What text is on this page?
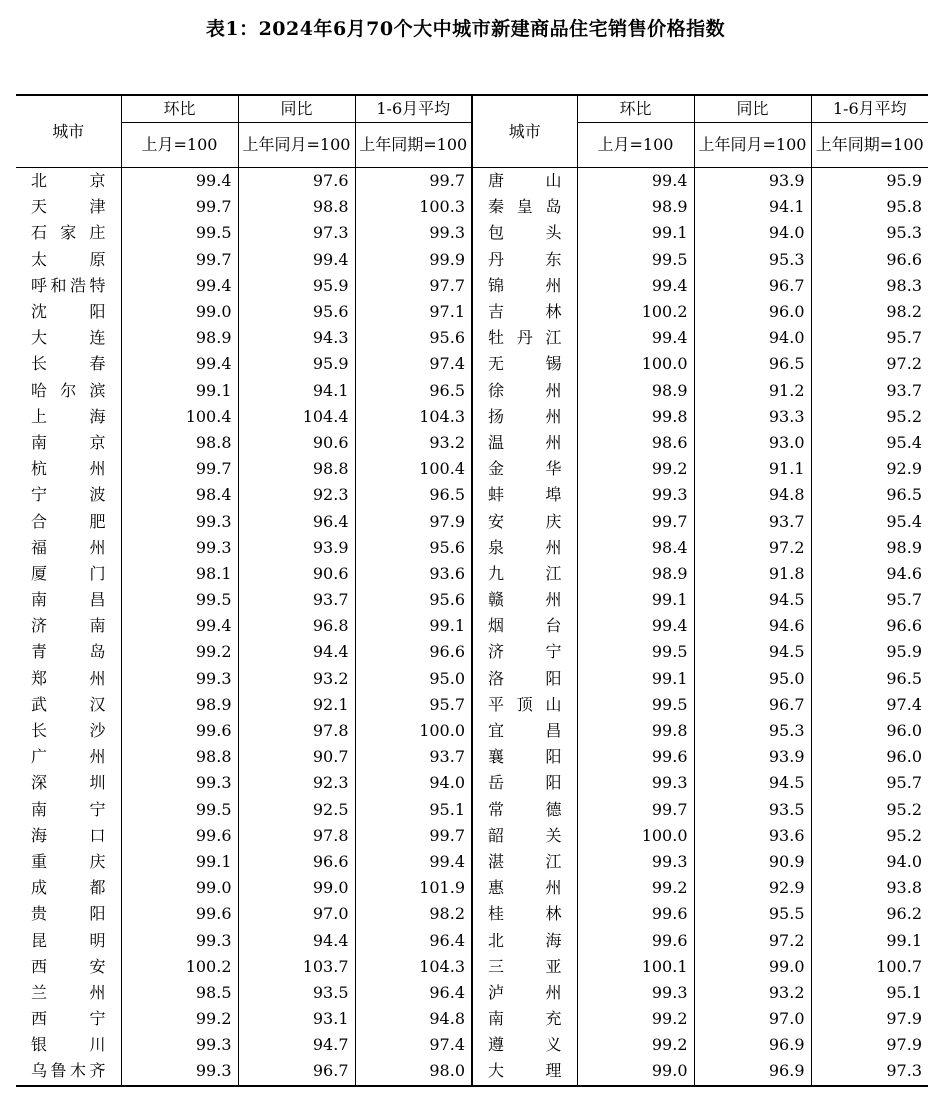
表1：2024年6月70个大中城市新建商品住宅销售价格指数
城市	环比	同比	1-6月平均	城市	环比	同比	1-6月平均
	上月=100	上年同月=100	上年同期=100		上月=100	上年同月=100	上年同期=100
北京	99.4	97.6	99.7	唐山	99.4	93.9	95.9
天津	99.7	98.8	100.3	秦皇岛	98.9	94.1	95.8
石家庄	99.5	97.3	99.3	包头	99.1	94.0	95.3
太原	99.7	99.4	99.9	丹东	99.5	95.3	96.6
呼和浩特	99.4	95.9	97.7	锦州	99.4	96.7	98.3
沈阳	99.0	95.6	97.1	吉林	100.2	96.0	98.2
大连	98.9	94.3	95.6	牡丹江	99.4	94.0	95.7
长春	99.4	95.9	97.4	无锡	100.0	96.5	97.2
哈尔滨	99.1	94.1	96.5	徐州	98.9	91.2	93.7
上海	100.4	104.4	104.3	扬州	99.8	93.3	95.2
南京	98.8	90.6	93.2	温州	98.6	93.0	95.4
杭州	99.7	98.8	100.4	金华	99.2	91.1	92.9
宁波	98.4	92.3	96.5	蚌埠	99.3	94.8	96.5
合肥	99.3	96.4	97.9	安庆	99.7	93.7	95.4
福州	99.3	93.9	95.6	泉州	98.4	97.2	98.9
厦门	98.1	90.6	93.6	九江	98.9	91.8	94.6
南昌	99.5	93.7	95.6	赣州	99.1	94.5	95.7
济南	99.4	96.8	99.1	烟台	99.4	94.6	96.6
青岛	99.2	94.4	96.6	济宁	99.5	94.5	95.9
郑州	99.3	93.2	95.0	洛阳	99.1	95.0	96.5
武汉	98.9	92.1	95.7	平顶山	99.5	96.7	97.4
长沙	99.6	97.8	100.0	宜昌	99.8	95.3	96.0
广州	98.8	90.7	93.7	襄阳	99.6	93.9	96.0
深圳	99.3	92.3	94.0	岳阳	99.3	94.5	95.7
南宁	99.5	92.5	95.1	常德	99.7	93.5	95.2
海口	99.6	97.8	99.7	韶关	100.0	93.6	95.2
重庆	99.1	96.6	99.4	湛江	99.3	90.9	94.0
成都	99.0	99.0	101.9	惠州	99.2	92.9	93.8
贵阳	99.6	97.0	98.2	桂林	99.6	95.5	96.2
昆明	99.3	94.4	96.4	北海	99.6	97.2	99.1
西安	100.2	103.7	104.3	三亚	100.1	99.0	100.7
兰州	98.5	93.5	96.4	泸州	99.3	93.2	95.1
西宁	99.2	93.1	94.8	南充	99.2	97.0	97.9
银川	99.3	94.7	97.4	遵义	99.2	96.9	97.9
乌鲁木齐	99.3	96.7	98.0	大理	99.0	96.9	97.3
